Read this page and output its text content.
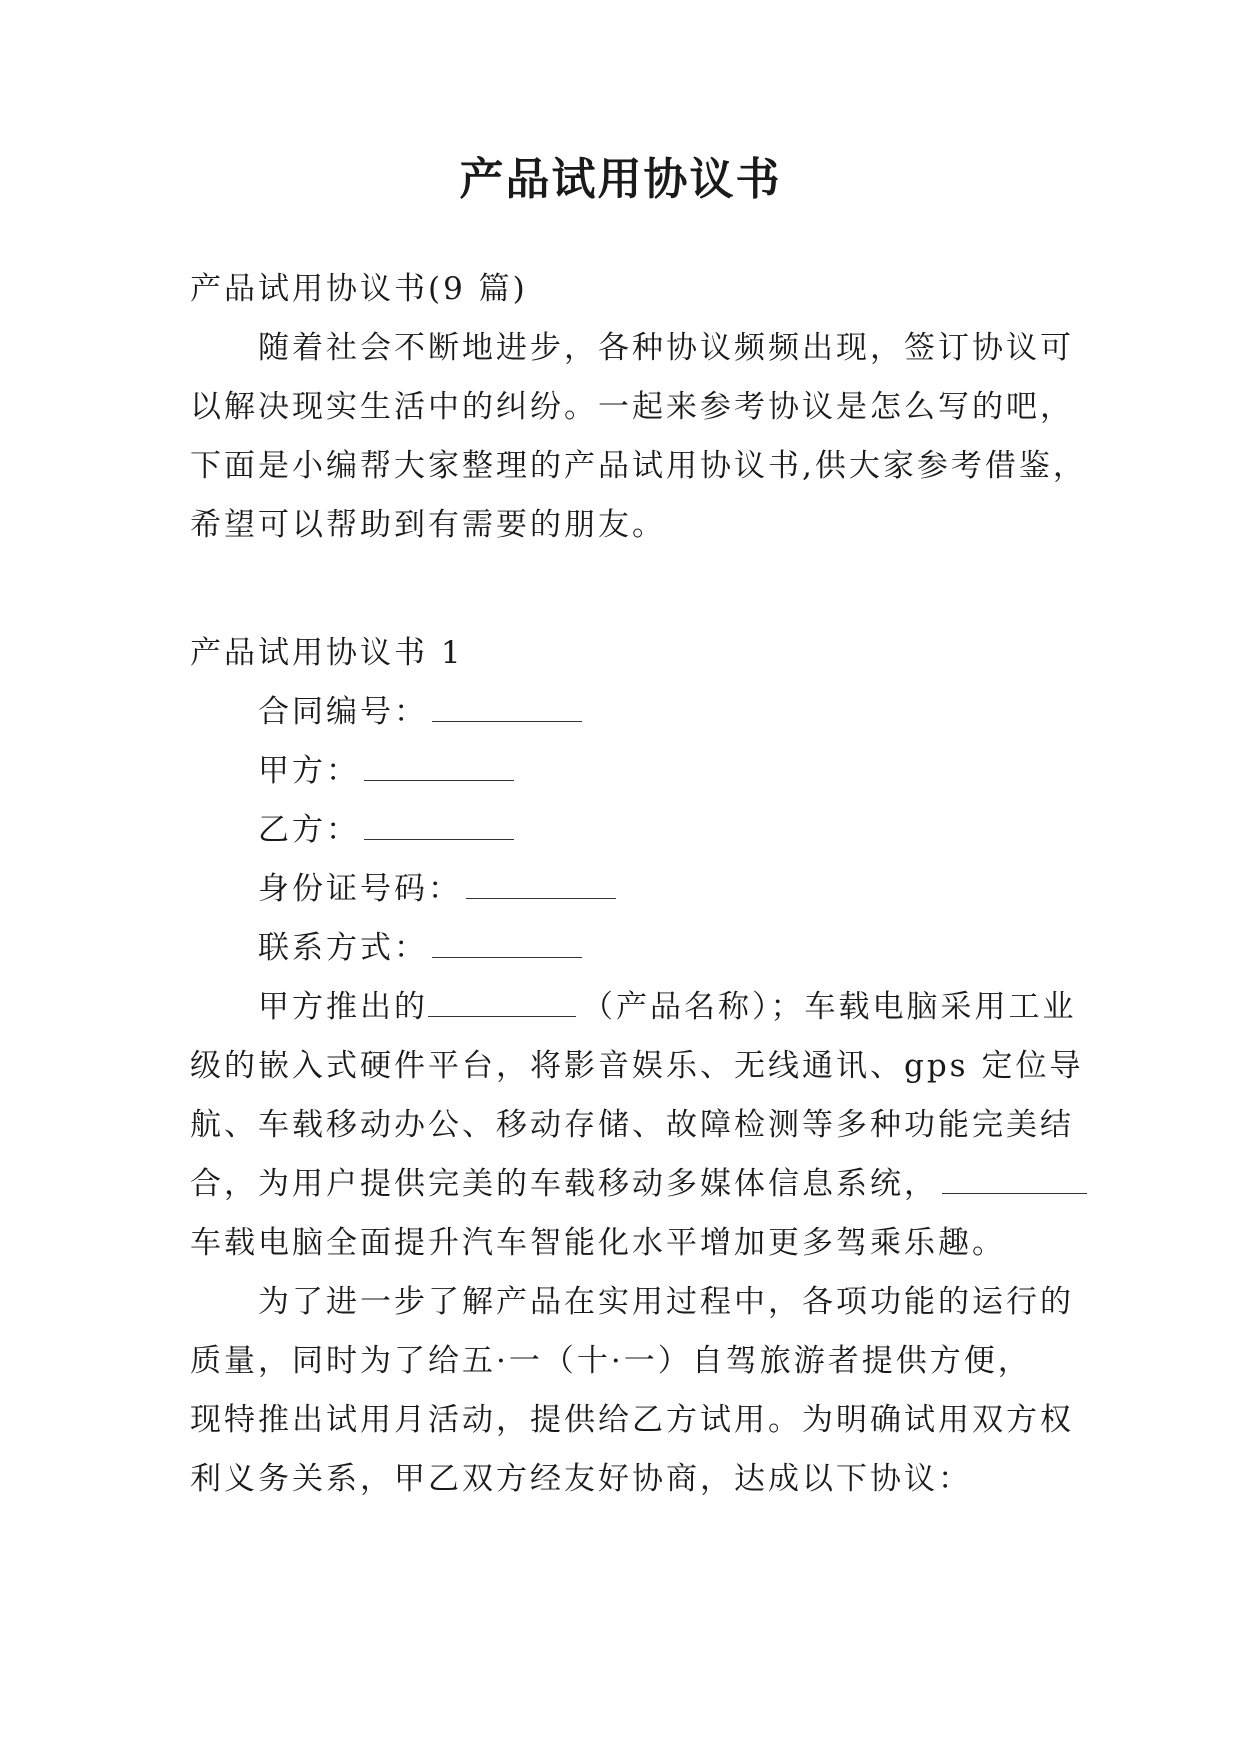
产品试用协议书
产品试用协议书(9 篇)
随着社会不断地进步，各种协议频频出现，签订协议可
以解决现实生活中的纠纷。一起来参考协议是怎么写的吧，
下面是小编帮大家整理的产品试用协议书,供大家参考借鉴，
希望可以帮助到有需要的朋友。
产品试用协议书 1
合同编号：
甲方：
乙方：
身份证号码：
联系方式：
甲方推出的	（产品名称）；车载电脑采用工业
级的嵌入式硬件平台，将影音娱乐、无线通讯、gps 定位导
航、车载移动办公、移动存储、故障检测等多种功能完美结
合，为用户提供完美的车载移动多媒体信息系统，
车载电脑全面提升汽车智能化水平增加更多驾乘乐趣。
为了进一步了解产品在实用过程中，各项功能的运行的
质量，同时为了给五·一（十·一）自驾旅游者提供方便，
现特推出试用月活动，提供给乙方试用。为明确试用双方权
利义务关系，甲乙双方经友好协商，达成以下协议：
